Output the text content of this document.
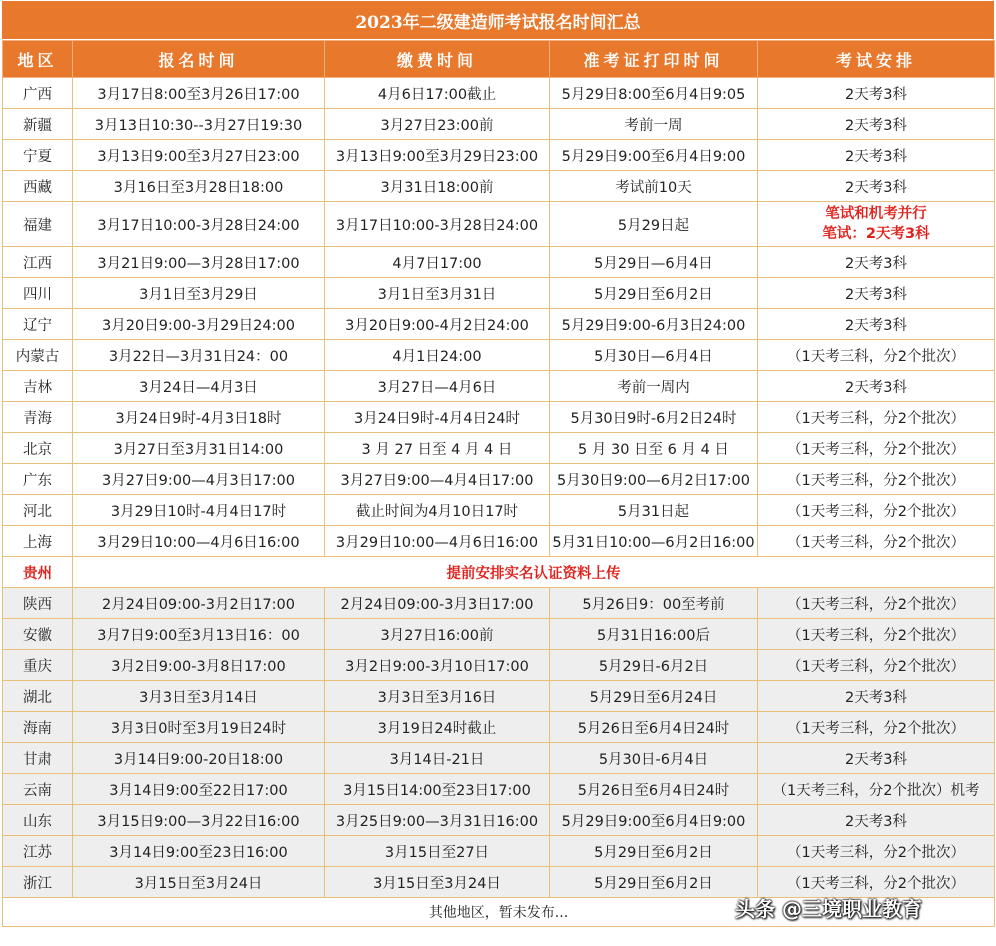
2023年二级建造师考试报名时间汇总
地区	报名时间	缴费时间	准考证打印时间	考试安排
广西	3月17日8:00至3月26日17:00	4月6日17:00截止	5月29日8:00至6月4日9:05	2天考3科
新疆	3月13日10:30--3月27日19:30	3月27日23:00前	考前一周	2天考3科
宁夏	3月13日9:00至3月27日23:00	3月13日9:00至3月29日23:00	5月29日9:00至6月4日9:00	2天考3科
西藏	3月16日至3月28日18:00	3月31日18:00前	考试前10天	2天考3科
福建	3月17日10:00-3月28日24:00	3月17日10:00-3月28日24:00	5月29日起	笔试和机考并行
笔试：2天考3科

江西	3月21日9:00—3月28日17:00	4月7日17:00	5月29日—6月4日	2天考3科
四川	3月1日至3月29日	3月1日至3月31日	5月29日至6月2日	2天考3科
辽宁	3月20日9:00-3月29日24:00	3月20日9:00-4月2日24:00	5月29日9:00-6月3日24:00	2天考3科
内蒙古	3月22日—3月31日24：00	4月1日24:00	5月30日—6月4日	（1天考三科，分2个批次）
吉林	3月24日—4月3日	3月27日—4月6日	考前一周内	2天考3科
青海	3月24日9时-4月3日18时	3月24日9时-4月4日24时	5月30日9时-6月2日24时	（1天考三科，分2个批次）
北京	3月27日至3月31日14:00	3 月 27 日至 4 月 4 日	5 月 30 日至 6 月 4 日	（1天考三科，分2个批次）
广东	3月27日9:00—4月3日17:00	3月27日9:00—4月4日17:00	5月30日9:00—6月2日17:00	（1天考三科，分2个批次）
河北	3月29日10时-4月4日17时	截止时间为4月10日17时	5月31日起	（1天考三科，分2个批次）
上海	3月29日10:00—4月6日16:00	3月29日10:00—4月6日16:00	5月31日10:00—6月2日16:00	（1天考三科，分2个批次）
贵州	提前安排实名认证资料上传			
陕西	2月24日09:00-3月2日17:00	2月24日09:00-3月3日17:00	5月26日9：00至考前	（1天考三科，分2个批次）
安徽	3月7日9:00至3月13日16：00	3月27日16:00前	5月31日16:00后	（1天考三科，分2个批次）
重庆	3月2日9:00-3月8日17:00	3月2日9:00-3月10日17:00	5月29日-6月2日	（1天考三科，分2个批次）
湖北	3月3日至3月14日	3月3日至3月16日	5月29日至6月24日	2天考3科
海南	3月3日0时至3月19日24时	3月19日24时截止	5月26日至6月4日24时	（1天考三科，分2个批次）
甘肃	3月14日9:00-20日18:00	3月14日-21日	5月30日-6月4日	2天考3科
云南	3月14日9:00至22日17:00	3月15日14:00至23日17:00	5月26日至6月4日24时	（1天考三科，分2个批次）机考
山东	3月15日9:00—3月22日16:00	3月25日9:00—3月31日16:00	5月29日9:00至6月4日9:00	2天考3科
江苏	3月14日9:00至23日16:00	3月15日至27日	5月29日至6月2日	（1天考三科，分2个批次）
浙江	3月15日至3月24日	3月15日至3月24日	5月29日至6月2日	（1天考三科，分2个批次）
其他地区，暂未发布...					头条 @三境职业教育
